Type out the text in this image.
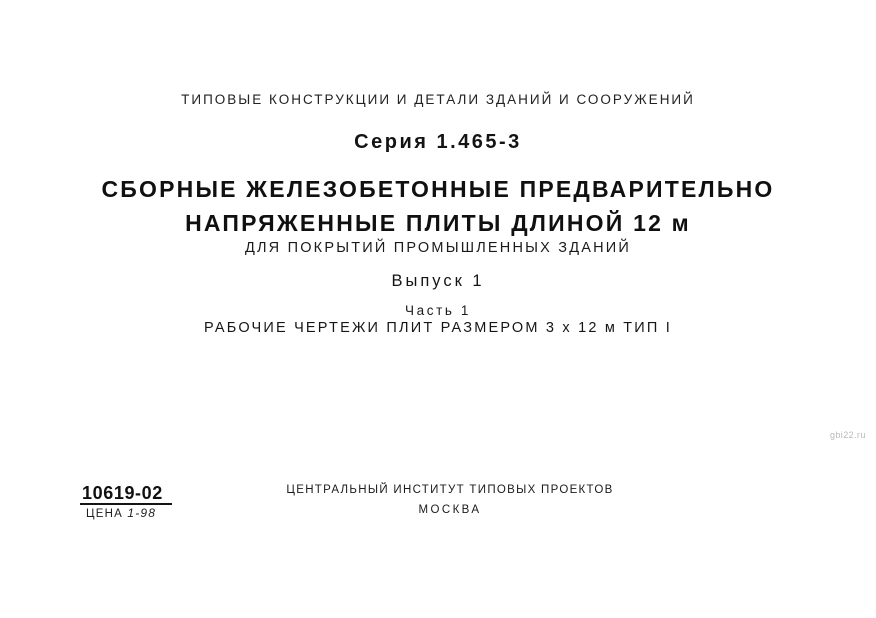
ТИПОВЫЕ КОНСТРУКЦИИ И ДЕТАЛИ ЗДАНИЙ И СООРУЖЕНИЙ
Серия 1.465-3
СБОРНЫЕ ЖЕЛЕЗОБЕТОННЫЕ ПРЕДВАРИТЕЛЬНО
НАПРЯЖЕННЫЕ ПЛИТЫ ДЛИНОЙ 12 м
ДЛЯ ПОКРЫТИЙ ПРОМЫШЛЕННЫХ ЗДАНИЙ
Выпуск 1
Часть 1
РАБОЧИЕ ЧЕРТЕЖИ ПЛИТ РАЗМЕРОМ 3 х 12 м ТИП I
gbi22.ru
10619-02
ЦЕНА 1-98
ЦЕНТРАЛЬНЫЙ ИНСТИТУТ ТИПОВЫХ ПРОЕКТОВ
МОСКВА
